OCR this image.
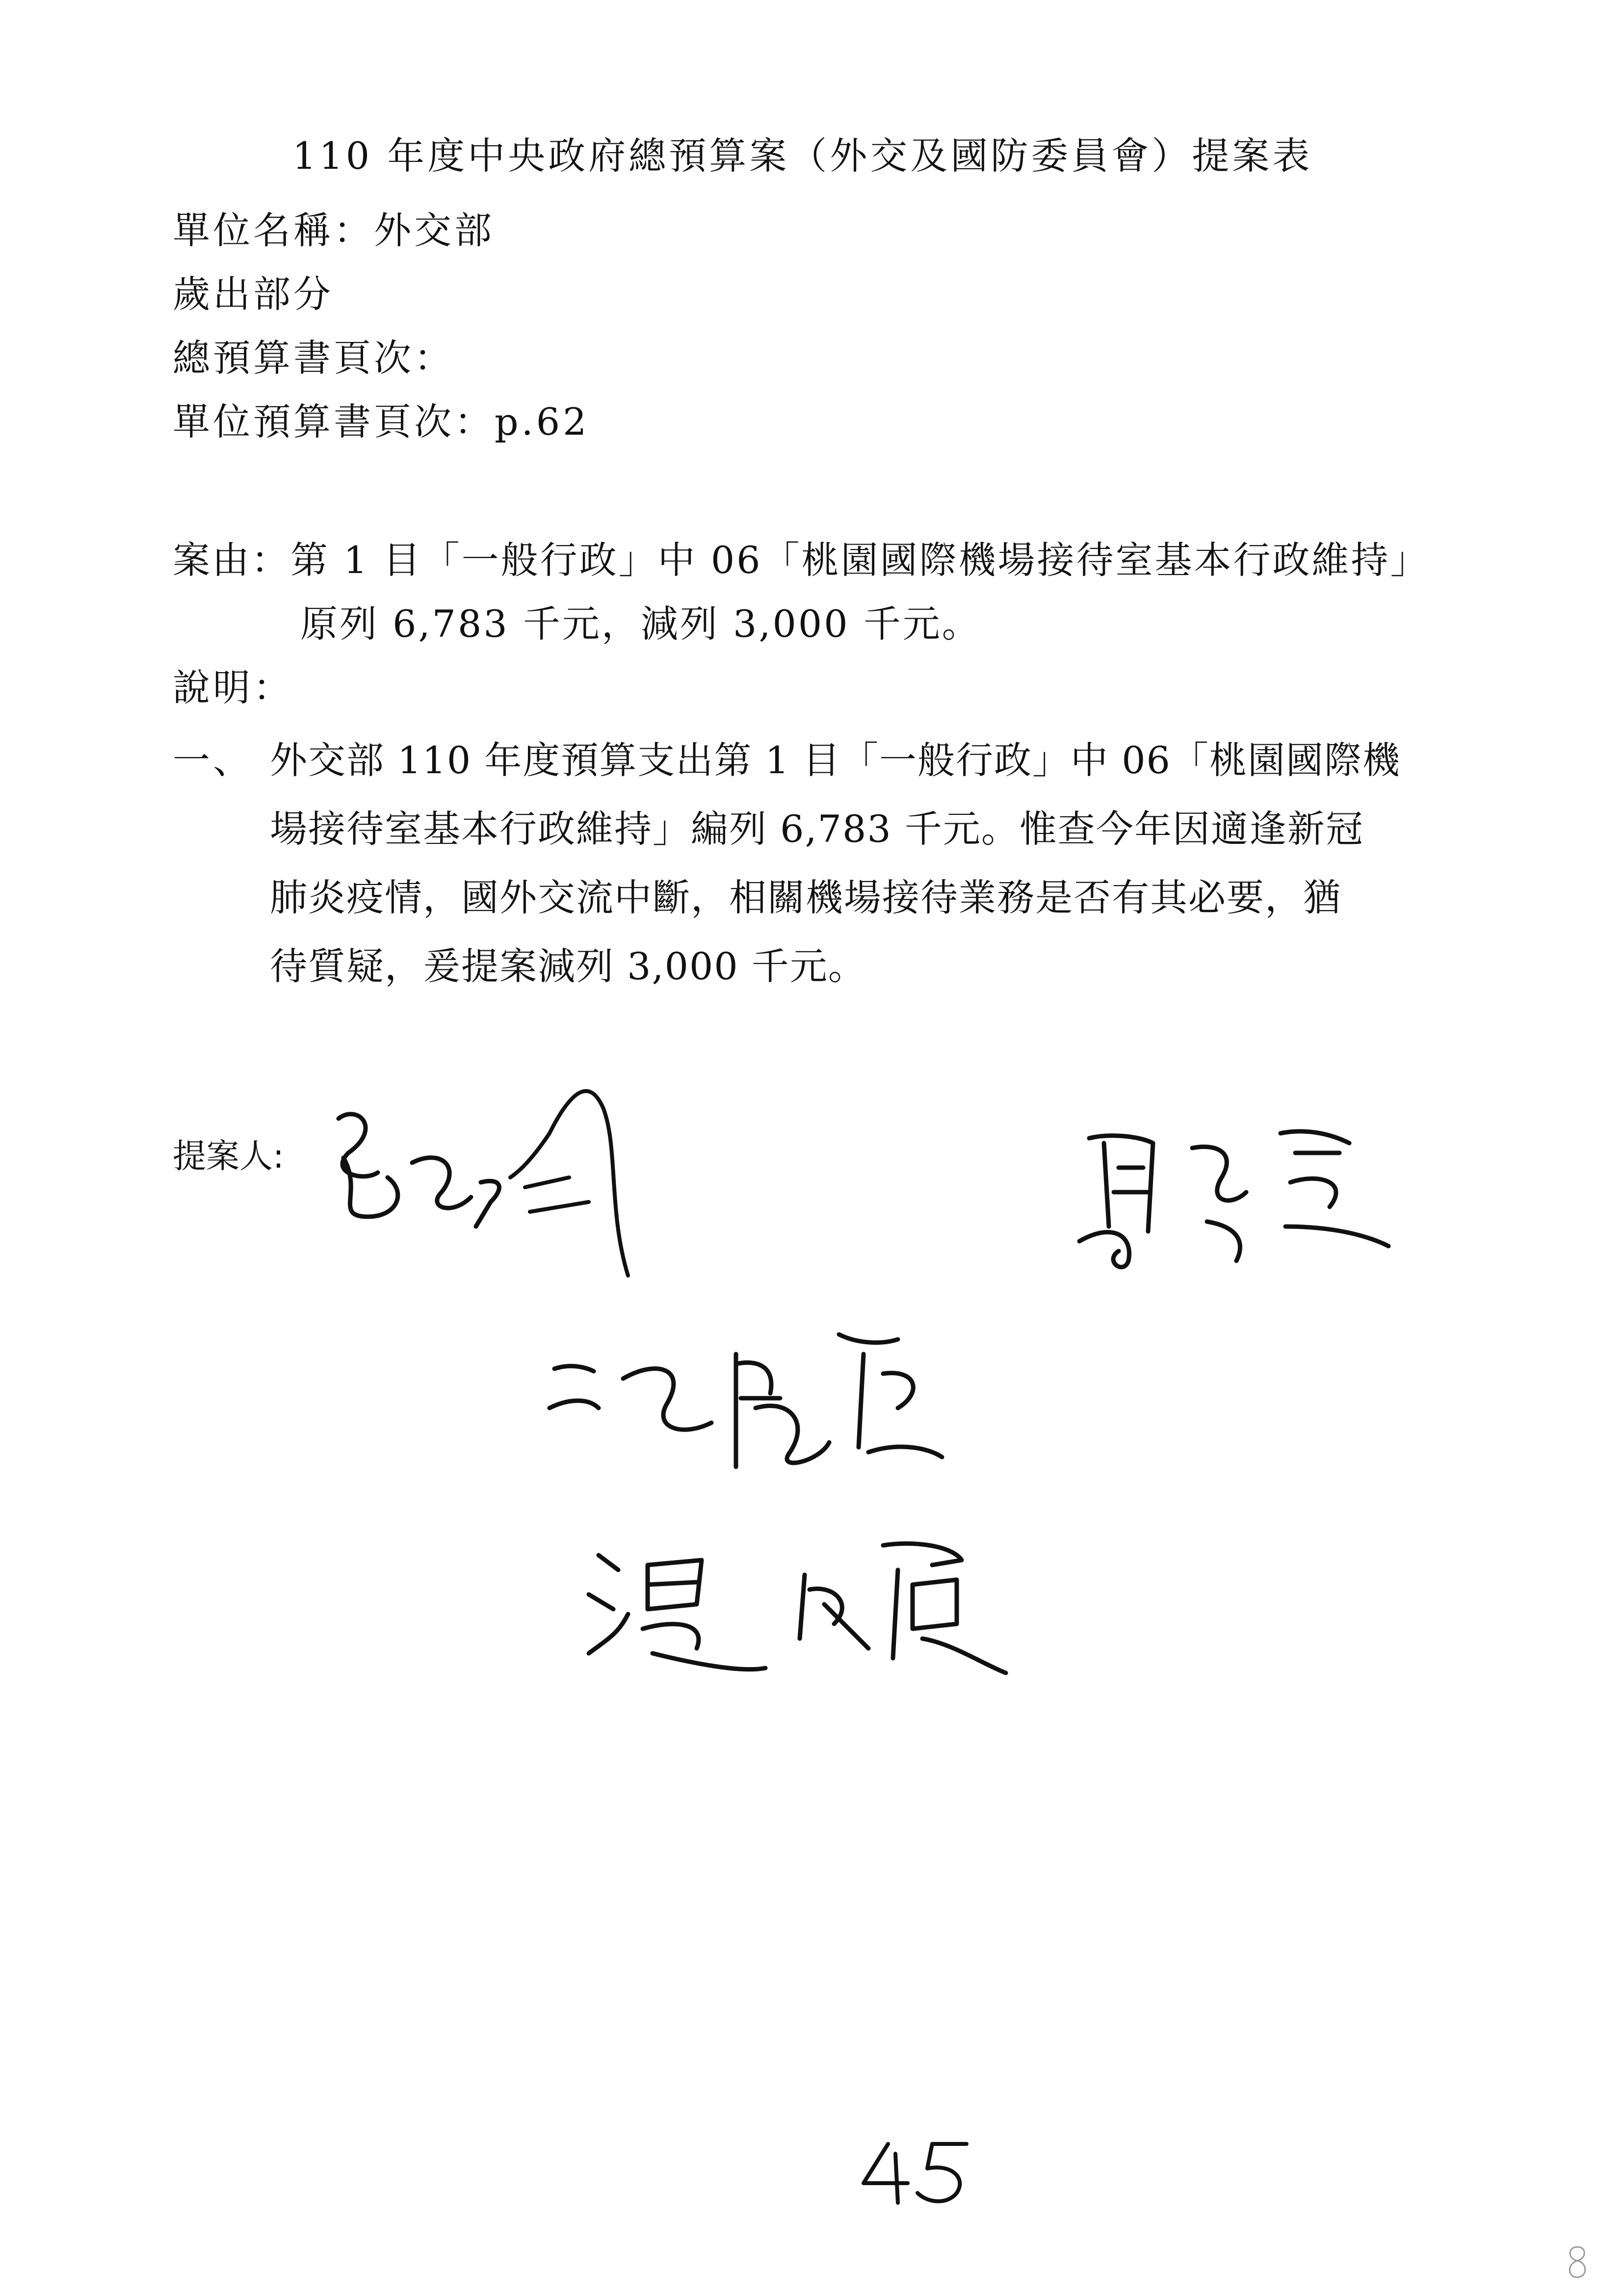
110 年度中央政府總預算案（外交及國防委員會）提案表
單位名稱：外交部
歲出部分
總預算書頁次：
單位預算書頁次：p.62
案由：第 1 目「一般行政」中 06「桃園國際機場接待室基本行政維持」
原列 6,783 千元，減列 3,000 千元。
說明：
一、 外交部 110 年度預算支出第 1 目「一般行政」中 06「桃園國際機
場接待室基本行政維持」編列 6,783 千元。惟查今年因適逢新冠
肺炎疫情，國外交流中斷，相關機場接待業務是否有其必要，猶
待質疑，爰提案減列 3,000 千元。
提案人:
